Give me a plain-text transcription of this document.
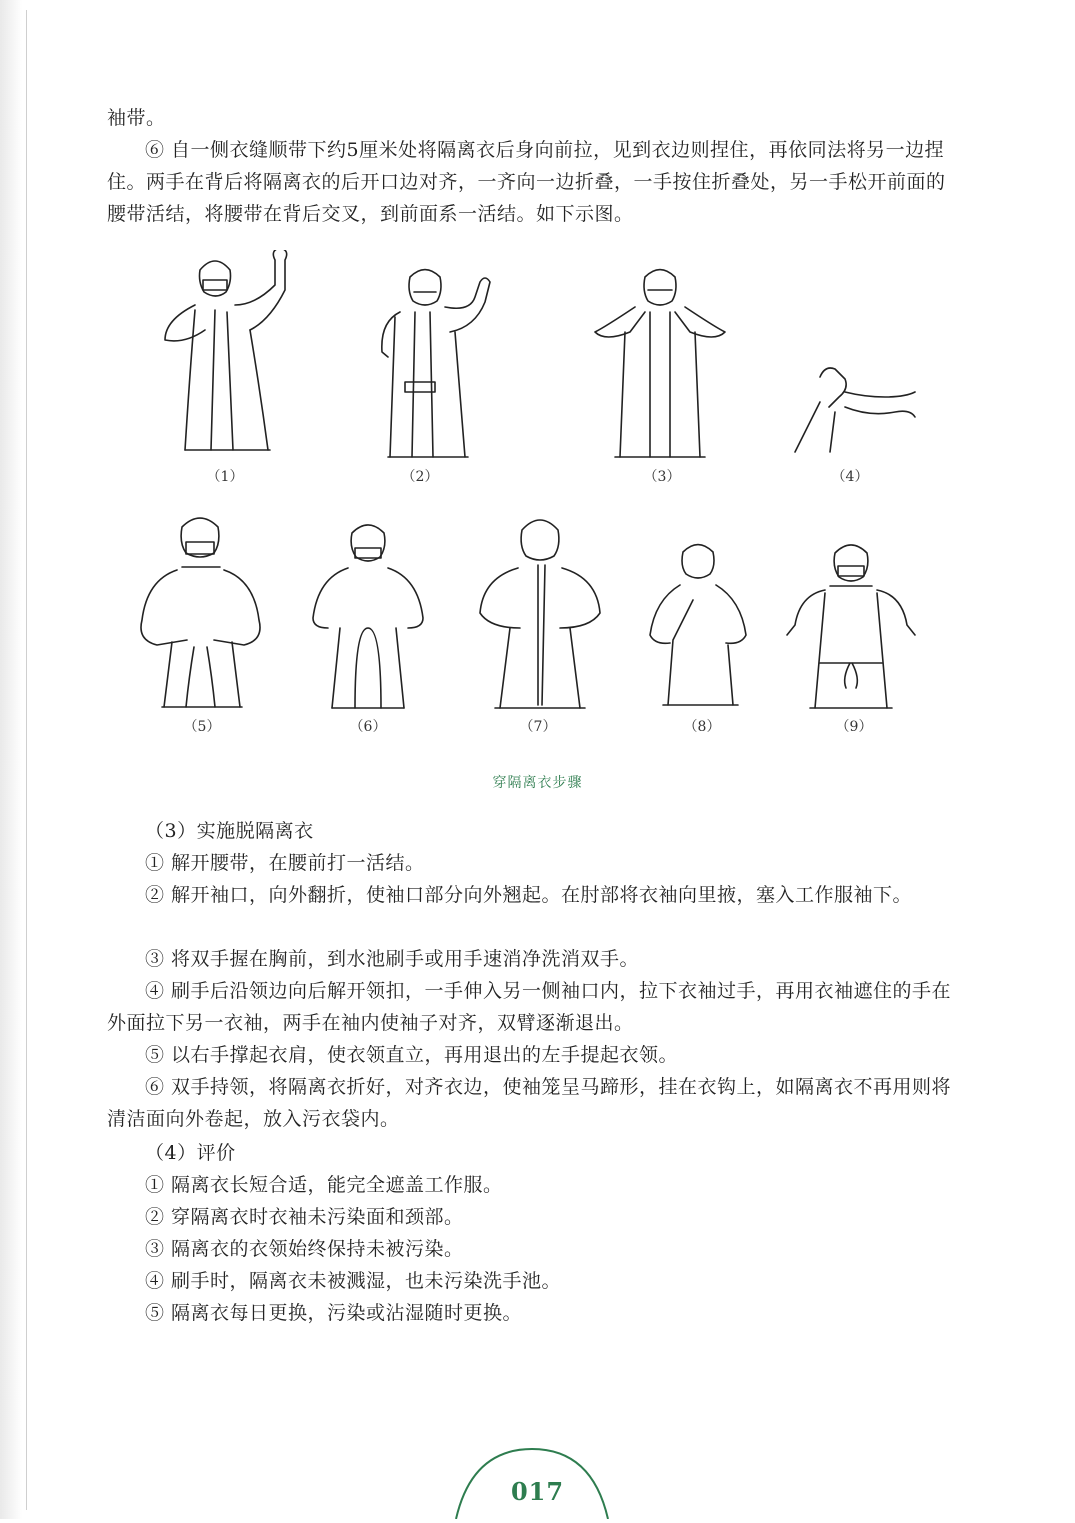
袖带。

⑥ 自一侧衣缝顺带下约5厘米处将隔离衣后身向前拉，见到衣边则捏住，再依同法将另一边捏住。两手在背后将隔离衣的后开口边对齐，一齐向一边折叠，一手按住折叠处，另一手松开前面的腰带活结，将腰带在背后交叉，到前面系一活结。如下示图。

（1）	（2）	（3）	（4）
（5）	（6）	（7）	（8）	（9）
穿隔离衣步骤

（3）实施脱隔离衣

① 解开腰带，在腰前打一活结。

② 解开袖口，向外翻折，使袖口部分向外翘起。在肘部将衣袖向里掖，塞入工作服袖下。

③ 将双手握在胸前，到水池刷手或用手速消净洗消双手。

④ 刷手后沿领边向后解开领扣，一手伸入另一侧袖口内，拉下衣袖过手，再用衣袖遮住的手在外面拉下另一衣袖，两手在袖内使袖子对齐，双臂逐渐退出。

⑤ 以右手撑起衣肩，使衣领直立，再用退出的左手提起衣领。

⑥ 双手持领，将隔离衣折好，对齐衣边，使袖笼呈马蹄形，挂在衣钩上，如隔离衣不再用则将清洁面向外卷起，放入污衣袋内。

（4）评价

① 隔离衣长短合适，能完全遮盖工作服。

② 穿隔离衣时衣袖未污染面和颈部。

③ 隔离衣的衣领始终保持未被污染。

④ 刷手时，隔离衣未被溅湿，也未污染洗手池。

⑤ 隔离衣每日更换，污染或沾湿随时更换。

017
